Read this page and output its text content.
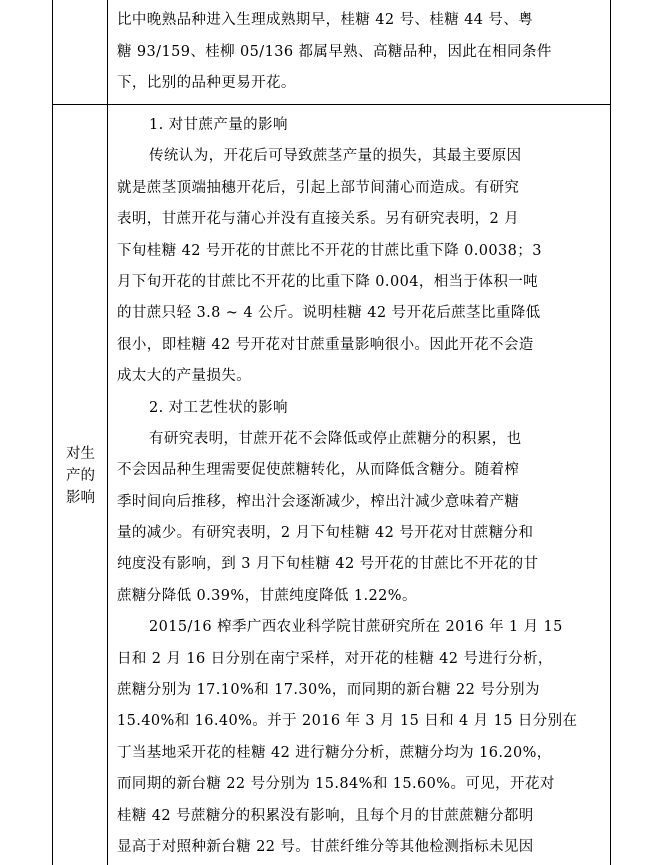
对生
产的
影响
比中晚熟品种进入生理成熟期早，桂糖 42 号、桂糖 44 号、粤
糖 93/159、桂柳 05/136 都属早熟、高糖品种，因此在相同条件
下，比别的品种更易开花。
1. 对甘蔗产量的影响
传统认为，开花后可导致蔗茎产量的损失，其最主要原因
就是蔗茎顶端抽穗开花后，引起上部节间蒲心而造成。有研究
表明，甘蔗开花与蒲心并没有直接关系。另有研究表明，2 月
下旬桂糖 42 号开花的甘蔗比不开花的甘蔗比重下降 0.0038；3
月下旬开花的甘蔗比不开花的比重下降 0.004，相当于体积一吨
的甘蔗只轻 3.8 ~ 4 公斤。说明桂糖 42 号开花后蔗茎比重降低
很小，即桂糖 42 号开花对甘蔗重量影响很小。因此开花不会造
成太大的产量损失。
2. 对工艺性状的影响
有研究表明，甘蔗开花不会降低或停止蔗糖分的积累，也
不会因品种生理需要促使蔗糖转化，从而降低含糖分。随着榨
季时间向后推移，榨出汁会逐渐减少，榨出汁减少意味着产糖
量的减少。有研究表明，2 月下旬桂糖 42 号开花对甘蔗糖分和
纯度没有影响，到 3 月下旬桂糖 42 号开花的甘蔗比不开花的甘
蔗糖分降低 0.39%，甘蔗纯度降低 1.22%。
2015/16 榨季广西农业科学院甘蔗研究所在 2016 年 1 月 15
日和 2 月 16 日分别在南宁采样，对开花的桂糖 42 号进行分析，
蔗糖分别为 17.10%和 17.30%，而同期的新台糖 22 号分别为
15.40%和 16.40%。并于 2016 年 3 月 15 日和 4 月 15 日分别在
丁当基地采开花的桂糖 42 进行糖分分析，蔗糖分均为 16.20%，
而同期的新台糖 22 号分别为 15.84%和 15.60%。可见，开花对
桂糖 42 号蔗糖分的积累没有影响，且每个月的甘蔗蔗糖分都明
显高于对照种新台糖 22 号。甘蔗纤维分等其他检测指标未见因
